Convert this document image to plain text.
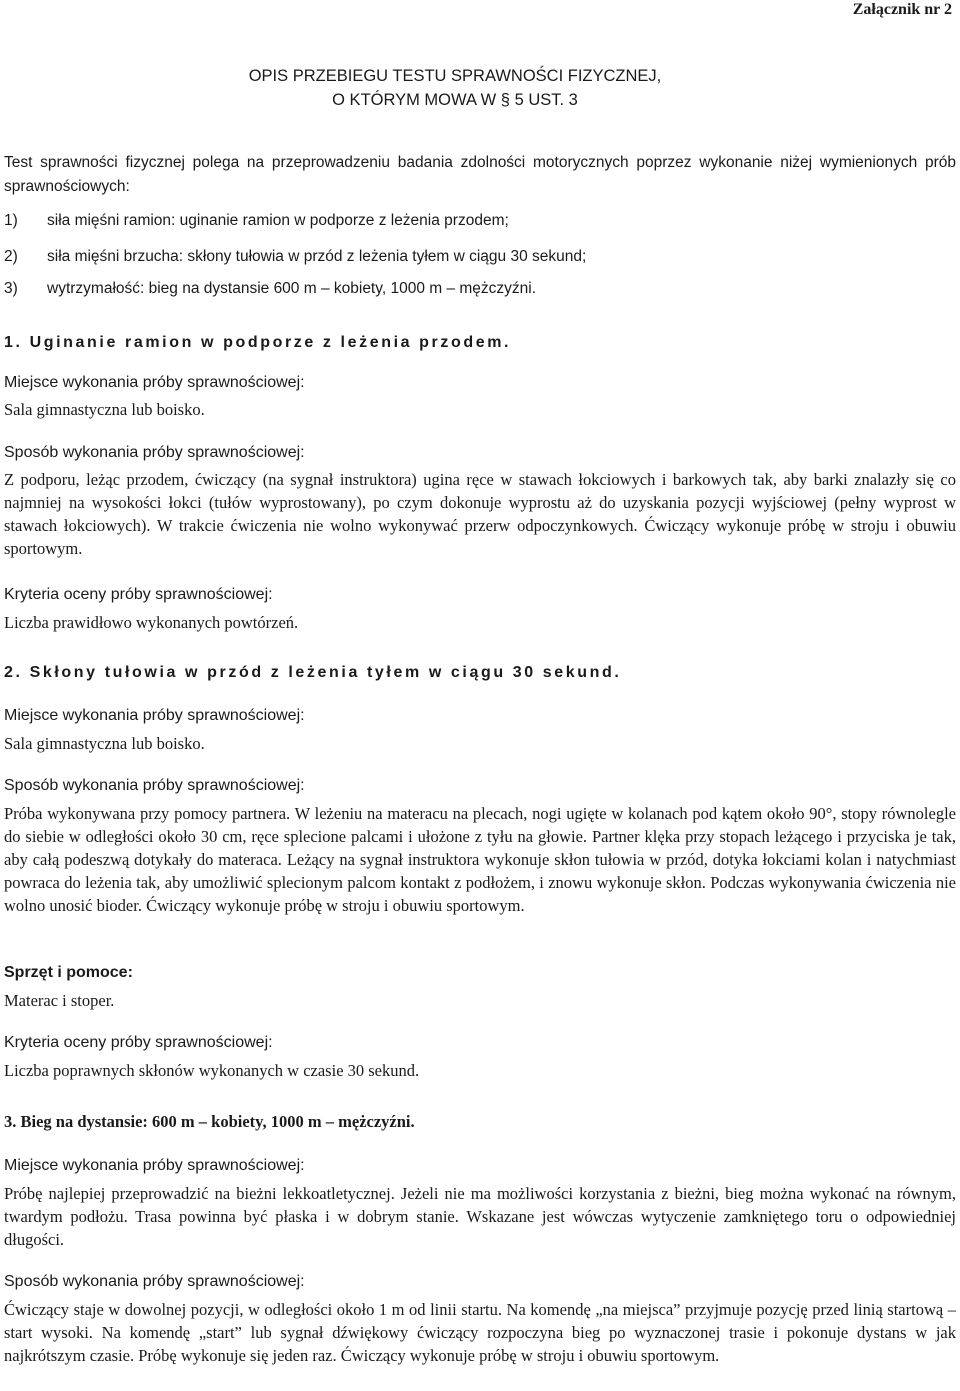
Załącznik nr 2
OPIS PRZEBIEGU TESTU SPRAWNOŚCI FIZYCZNEJ,
O KTÓRYM MOWA W § 5 UST. 3
Test sprawności fizycznej polega na przeprowadzeniu badania zdolności motorycznych poprzez wykonanie niżej wymienionych prób sprawnościowych:
1) siła mięśni ramion: uginanie ramion w podporze z leżenia przodem;
2) siła mięśni brzucha: skłony tułowia w przód z leżenia tyłem w ciągu 30 sekund;
3) wytrzymałość: bieg na dystansie 600 m – kobiety, 1000 m – mężczyźni.
1. Uginanie ramion w podporze z leżenia przodem.
Miejsce wykonania próby sprawnościowej:
Sala gimnastyczna lub boisko.
Sposób wykonania próby sprawnościowej:
Z podporu, leżąc przodem, ćwiczący (na sygnał instruktora) ugina ręce w stawach łokciowych i barkowych tak, aby barki znalazły się co najmniej na wysokości łokci (tułów wyprostowany), po czym dokonuje wyprostu aż do uzyskania pozycji wyjściowej (pełny wyprost w stawach łokciowych). W trakcie ćwiczenia nie wolno wykonywać przerw odpoczynkowych. Ćwiczący wykonuje próbę w stroju i obuwiu sportowym.
Kryteria oceny próby sprawnościowej:
Liczba prawidłowo wykonanych powtórzeń.
2. Skłony tułowia w przód z leżenia tyłem w ciągu 30 sekund.
Miejsce wykonania próby sprawnościowej:
Sala gimnastyczna lub boisko.
Sposób wykonania próby sprawnościowej:
Próba wykonywana przy pomocy partnera. W leżeniu na materacu na plecach, nogi ugięte w kolanach pod kątem około 90°, stopy równolegle do siebie w odległości około 30 cm, ręce splecione palcami i ułożone z tyłu na głowie. Partner klęka przy stopach leżącego i przyciska je tak, aby całą podeszwą dotykały do materaca. Leżący na sygnał instruktora wykonuje skłon tułowia w przód, dotyka łokciami kolan i natychmiast powraca do leżenia tak, aby umożliwić splecionym palcom kontakt z podłożem, i znowu wykonuje skłon. Podczas wykonywania ćwiczenia nie wolno unosić bioder. Ćwiczący wykonuje próbę w stroju i obuwiu sportowym.
Sprzęt i pomoce:
Materac i stoper.
Kryteria oceny próby sprawnościowej:
Liczba poprawnych skłonów wykonanych w czasie 30 sekund.
3. Bieg na dystansie: 600 m – kobiety, 1000 m – mężczyźni.
Miejsce wykonania próby sprawnościowej:
Próbę najlepiej przeprowadzić na bieżni lekkoatletycznej. Jeżeli nie ma możliwości korzystania z bieżni, bieg można wykonać na równym, twardym podłożu. Trasa powinna być płaska i w dobrym stanie. Wskazane jest wówczas wytyczenie zamkniętego toru o odpowiedniej długości.
Sposób wykonania próby sprawnościowej:
Ćwiczący staje w dowolnej pozycji, w odległości około 1 m od linii startu. Na komendę „na miejsca” przyjmuje pozycję przed linią startową – start wysoki. Na komendę „start” lub sygnał dźwiękowy ćwiczący rozpoczyna bieg po wyznaczonej trasie i pokonuje dystans w jak najkrótszym czasie. Próbę wykonuje się jeden raz. Ćwiczący wykonuje próbę w stroju i obuwiu sportowym.
